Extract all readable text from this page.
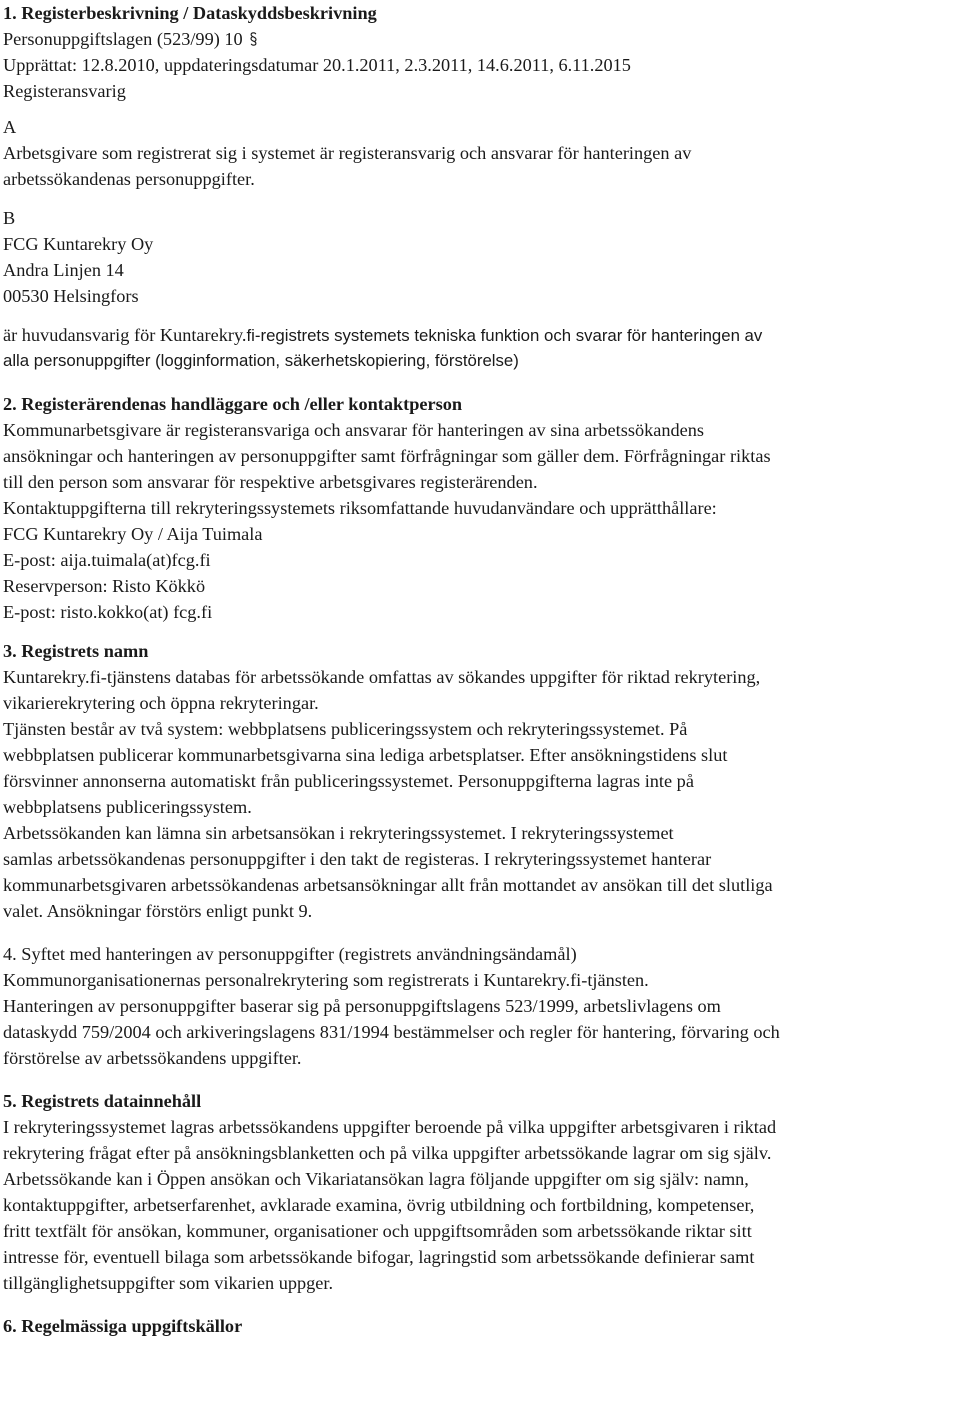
1. Registerbeskrivning / Dataskyddsbeskrivning
Personuppgiftslagen (523/99) 10
Upprättat: 12.8.2010, uppdateringsdatumar 20.1.2011, 2.3.2011, 14.6.2011, 6.11.2015
Registeransvarig
A
Arbetsgivare som registrerat sig i systemet är registeransvarig och ansvarar för hanteringen av
arbetssökandenas personuppgifter.
B
FCG Kuntarekry Oy
Andra Linjen 14
00530 Helsingfors
är huvudansvarig för Kuntarekry.fi-registrets systemets tekniska funktion och svarar för hanteringen av
alla personuppgifter (logginformation, säkerhetskopiering, förstörelse)
2. Registerärendenas handläggare och /eller kontaktperson
Kommunarbetsgivare är registeransvariga och ansvarar för hanteringen av sina arbetssökandens
ansökningar och hanteringen av personuppgifter samt förfrågningar som gäller dem. Förfrågningar riktas
till den person som ansvarar för respektive arbetsgivares registerärenden.
Kontaktuppgifterna till rekryteringssystemets riksomfattande huvudanvändare och upprätthållare:
FCG Kuntarekry Oy / Aija Tuimala
E-post: aija.tuimala(at)fcg.fi
Reservperson: Risto Kökkö
E-post: risto.kokko(at) fcg.fi
3. Registrets namn
Kuntarekry.fi-tjänstens databas för arbetssökande omfattas av sökandes uppgifter för riktad rekrytering,
vikarierekrytering och öppna rekryteringar.
Tjänsten består av två system: webbplatsens publiceringssystem och rekryteringssystemet. På
webbplatsen publicerar kommunarbetsgivarna sina lediga arbetsplatser. Efter ansökningstidens slut
försvinner annonserna automatiskt från publiceringssystemet. Personuppgifterna lagras inte på
webbplatsens publiceringssystem.
Arbetssökanden kan lämna sin arbetsansökan i rekryteringssystemet. I rekryteringssystemet
samlas arbetssökandenas personuppgifter i den takt de registeras. I rekryteringssystemet hanterar
kommunarbetsgivaren arbetssökandenas arbetsansökningar allt från mottandet av ansökan till det slutliga
valet. Ansökningar förstörs enligt punkt 9.
4. Syftet med hanteringen av personuppgifter (registrets användningsändamål)
Kommunorganisationernas personalrekrytering som registrerats i Kuntarekry.fi-tjänsten.
Hanteringen av personuppgifter baserar sig på personuppgiftslagens 523/1999, arbetslivlagens om
dataskydd 759/2004 och arkiveringslagens 831/1994 bestämmelser och regler för hantering, förvaring och
förstörelse av arbetssökandens uppgifter.
5. Registrets datainnehåll
I rekryteringssystemet lagras arbetssökandens uppgifter beroende på vilka uppgifter arbetsgivaren i riktad
rekrytering frågat efter på ansökningsblanketten och på vilka uppgifter arbetssökande lagrar om sig själv.
Arbetssökande kan i Öppen ansökan och Vikariatansökan lagra följande uppgifter om sig själv: namn,
kontaktuppgifter, arbetserfarenhet, avklarade examina, övrig utbildning och fortbildning, kompetenser,
fritt textfält för ansökan, kommuner, organisationer och uppgiftsområden som arbetssökande riktar sitt
intresse för, eventuell bilaga som arbetssökande bifogar, lagringstid som arbetssökande definierar samt
tillgänglighetsuppgifter som vikarien uppger.
6. Regelmässiga uppgiftskällor
